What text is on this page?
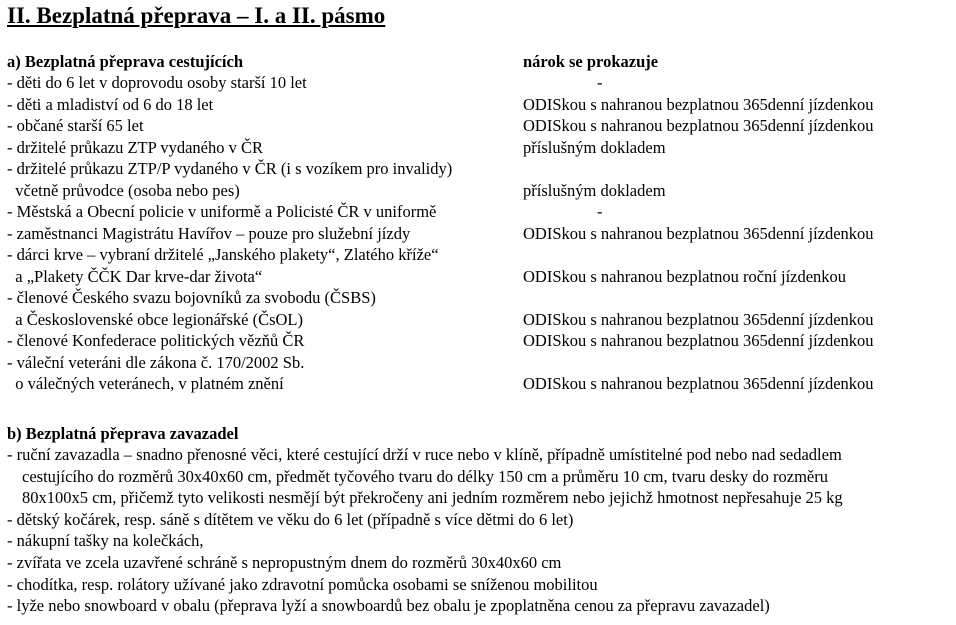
II. Bezplatná přeprava – I. a II. pásmo
a) Bezplatná přeprava cestujících	nárok se prokazuje
- děti do 6 let v doprovodu osoby starší 10 let	-
- děti a mladiství od 6 do 18 let	ODISkou s nahranou bezplatnou 365denní jízdenkou
- občané starší 65 let	ODISkou s nahranou bezplatnou 365denní jízdenkou
- držitelé průkazu ZTP vydaného v ČR	příslušným dokladem
- držitelé průkazu ZTP/P vydaného v ČR (i s vozíkem pro invalidy)
včetně průvodce (osoba nebo pes)	příslušným dokladem
- Městská a Obecní policie v uniformě a Policisté ČR v uniformě	-
- zaměstnanci Magistrátu Havířov – pouze pro služební jízdy	ODISkou s nahranou bezplatnou 365denní jízdenkou
- dárci krve – vybraní držitelé „Janského plakety“, Zlatého kříže“
a „Plakety ČČK Dar krve-dar života“	ODISkou s nahranou bezplatnou roční jízdenkou
- členové Českého svazu bojovníků za svobodu (ČSBS)
a Československé obce legionářské (ČsOL)	ODISkou s nahranou bezplatnou 365denní jízdenkou
- členové Konfederace politických vězňů ČR	ODISkou s nahranou bezplatnou 365denní jízdenkou
- váleční veteráni dle zákona č. 170/2002 Sb.
o válečných veteránech, v platném znění	ODISkou s nahranou bezplatnou 365denní jízdenkou
b) Bezplatná přeprava zavazadel
- ruční zavazadla – snadno přenosné věci, které cestující drží v ruce nebo v klíně, případně umístitelné pod nebo nad sedadlem
cestujícího do rozměrů 30x40x60 cm, předmět tyčového tvaru do délky 150 cm a průměru 10 cm, tvaru desky do rozměru
80x100x5 cm, přičemž tyto velikosti nesmějí být překročeny ani jedním rozměrem nebo jejichž hmotnost nepřesahuje 25 kg
- dětský kočárek, resp. sáně s dítětem ve věku do 6 let (případně s více dětmi do 6 let)
- nákupní tašky na kolečkách,
- zvířata ve zcela uzavřené schráně s nepropustným dnem do rozměrů 30x40x60 cm
- chodítka, resp. rolátory užívané jako zdravotní pomůcka osobami se sníženou mobilitou
- lyže nebo snowboard v obalu (přeprava lyží a snowboardů bez obalu je zpoplatněna cenou za přepravu zavazadel)
